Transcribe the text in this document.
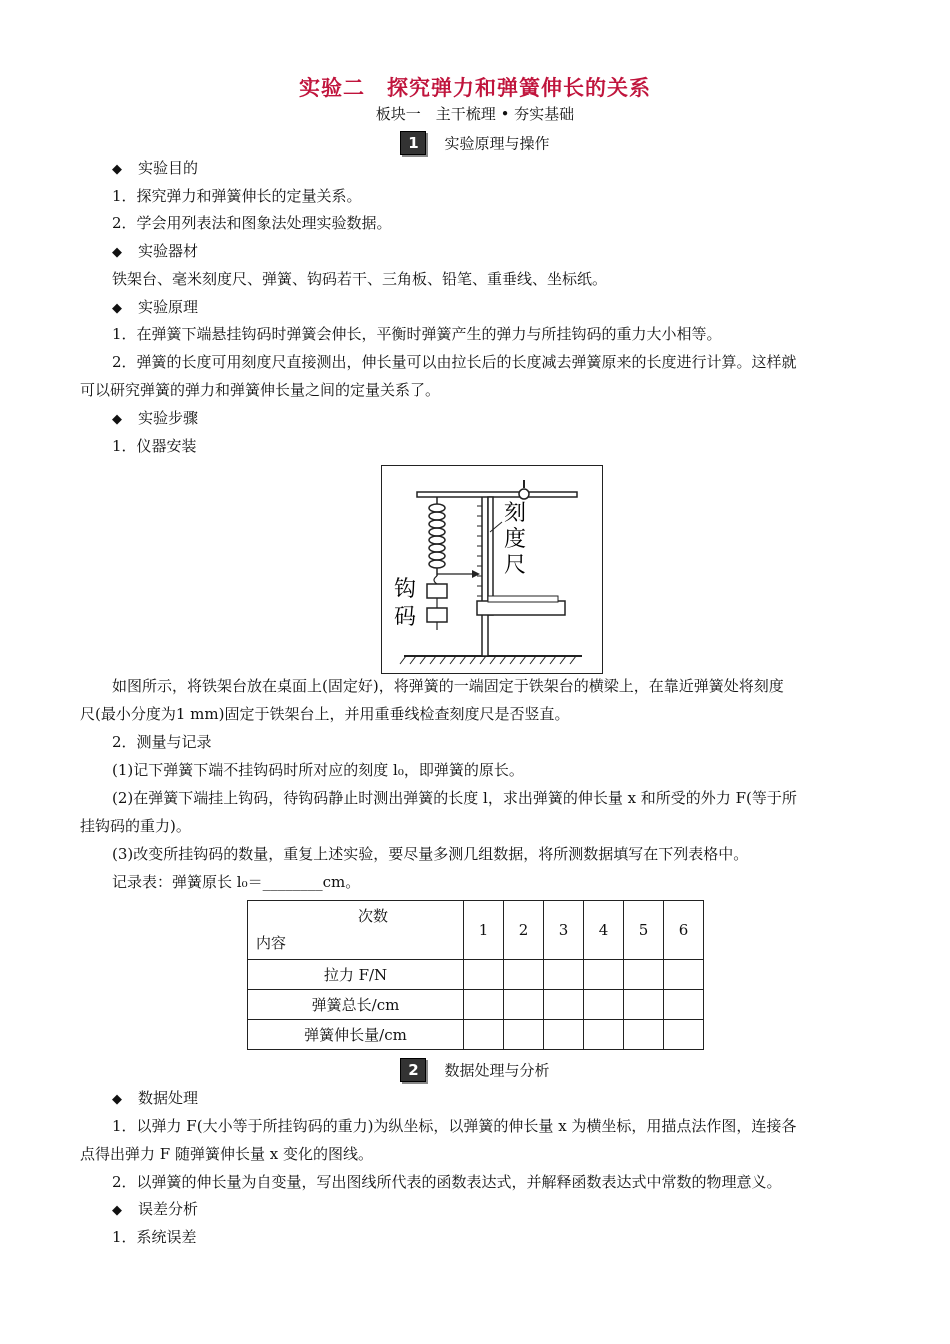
实验二　探究弹力和弹簧伸长的关系
板块一　主干梳理 • 夯实基础
1 实验原理与操作
◆ 实验目的
1．探究弹力和弹簧伸长的定量关系。
2．学会用列表法和图象法处理实验数据。
◆ 实验器材
铁架台、毫米刻度尺、弹簧、钩码若干、三角板、铅笔、重垂线、坐标纸。
◆ 实验原理
1．在弹簧下端悬挂钩码时弹簧会伸长，平衡时弹簧产生的弹力与所挂钩码的重力大小相等。
2．弹簧的长度可用刻度尺直接测出，伸长量可以由拉长后的长度减去弹簧原来的长度进行计算。这样就
可以研究弹簧的弹力和弹簧伸长量之间的定量关系了。
◆ 实验步骤
1．仪器安装
刻
度
尺
钩
码
如图所示，将铁架台放在桌面上(固定好)，将弹簧的一端固定于铁架台的横梁上，在靠近弹簧处将刻度
尺(最小分度为1 mm)固定于铁架台上，并用重垂线检查刻度尺是否竖直。
2．测量与记录
(1)记下弹簧下端不挂钩码时所对应的刻度 l₀，即弹簧的原长。
(2)在弹簧下端挂上钩码，待钩码静止时测出弹簧的长度 l，求出弹簧的伸长量 x 和所受的外力 F(等于所
挂钩码的重力)。
(3)改变所挂钩码的数量，重复上述实验，要尽量多测几组数据，将所测数据填写在下列表格中。
记录表：弹簧原长 l₀＝________cm。
次数
内容	1	2	3	4	5	6
拉力 F/N						
弹簧总长/cm						
弹簧伸长量/cm						
2 数据处理与分析
◆ 数据处理
1．以弹力 F(大小等于所挂钩码的重力)为纵坐标，以弹簧的伸长量 x 为横坐标，用描点法作图，连接各
点得出弹力 F 随弹簧伸长量 x 变化的图线。
2．以弹簧的伸长量为自变量，写出图线所代表的函数表达式，并解释函数表达式中常数的物理意义。
◆ 误差分析
1．系统误差
